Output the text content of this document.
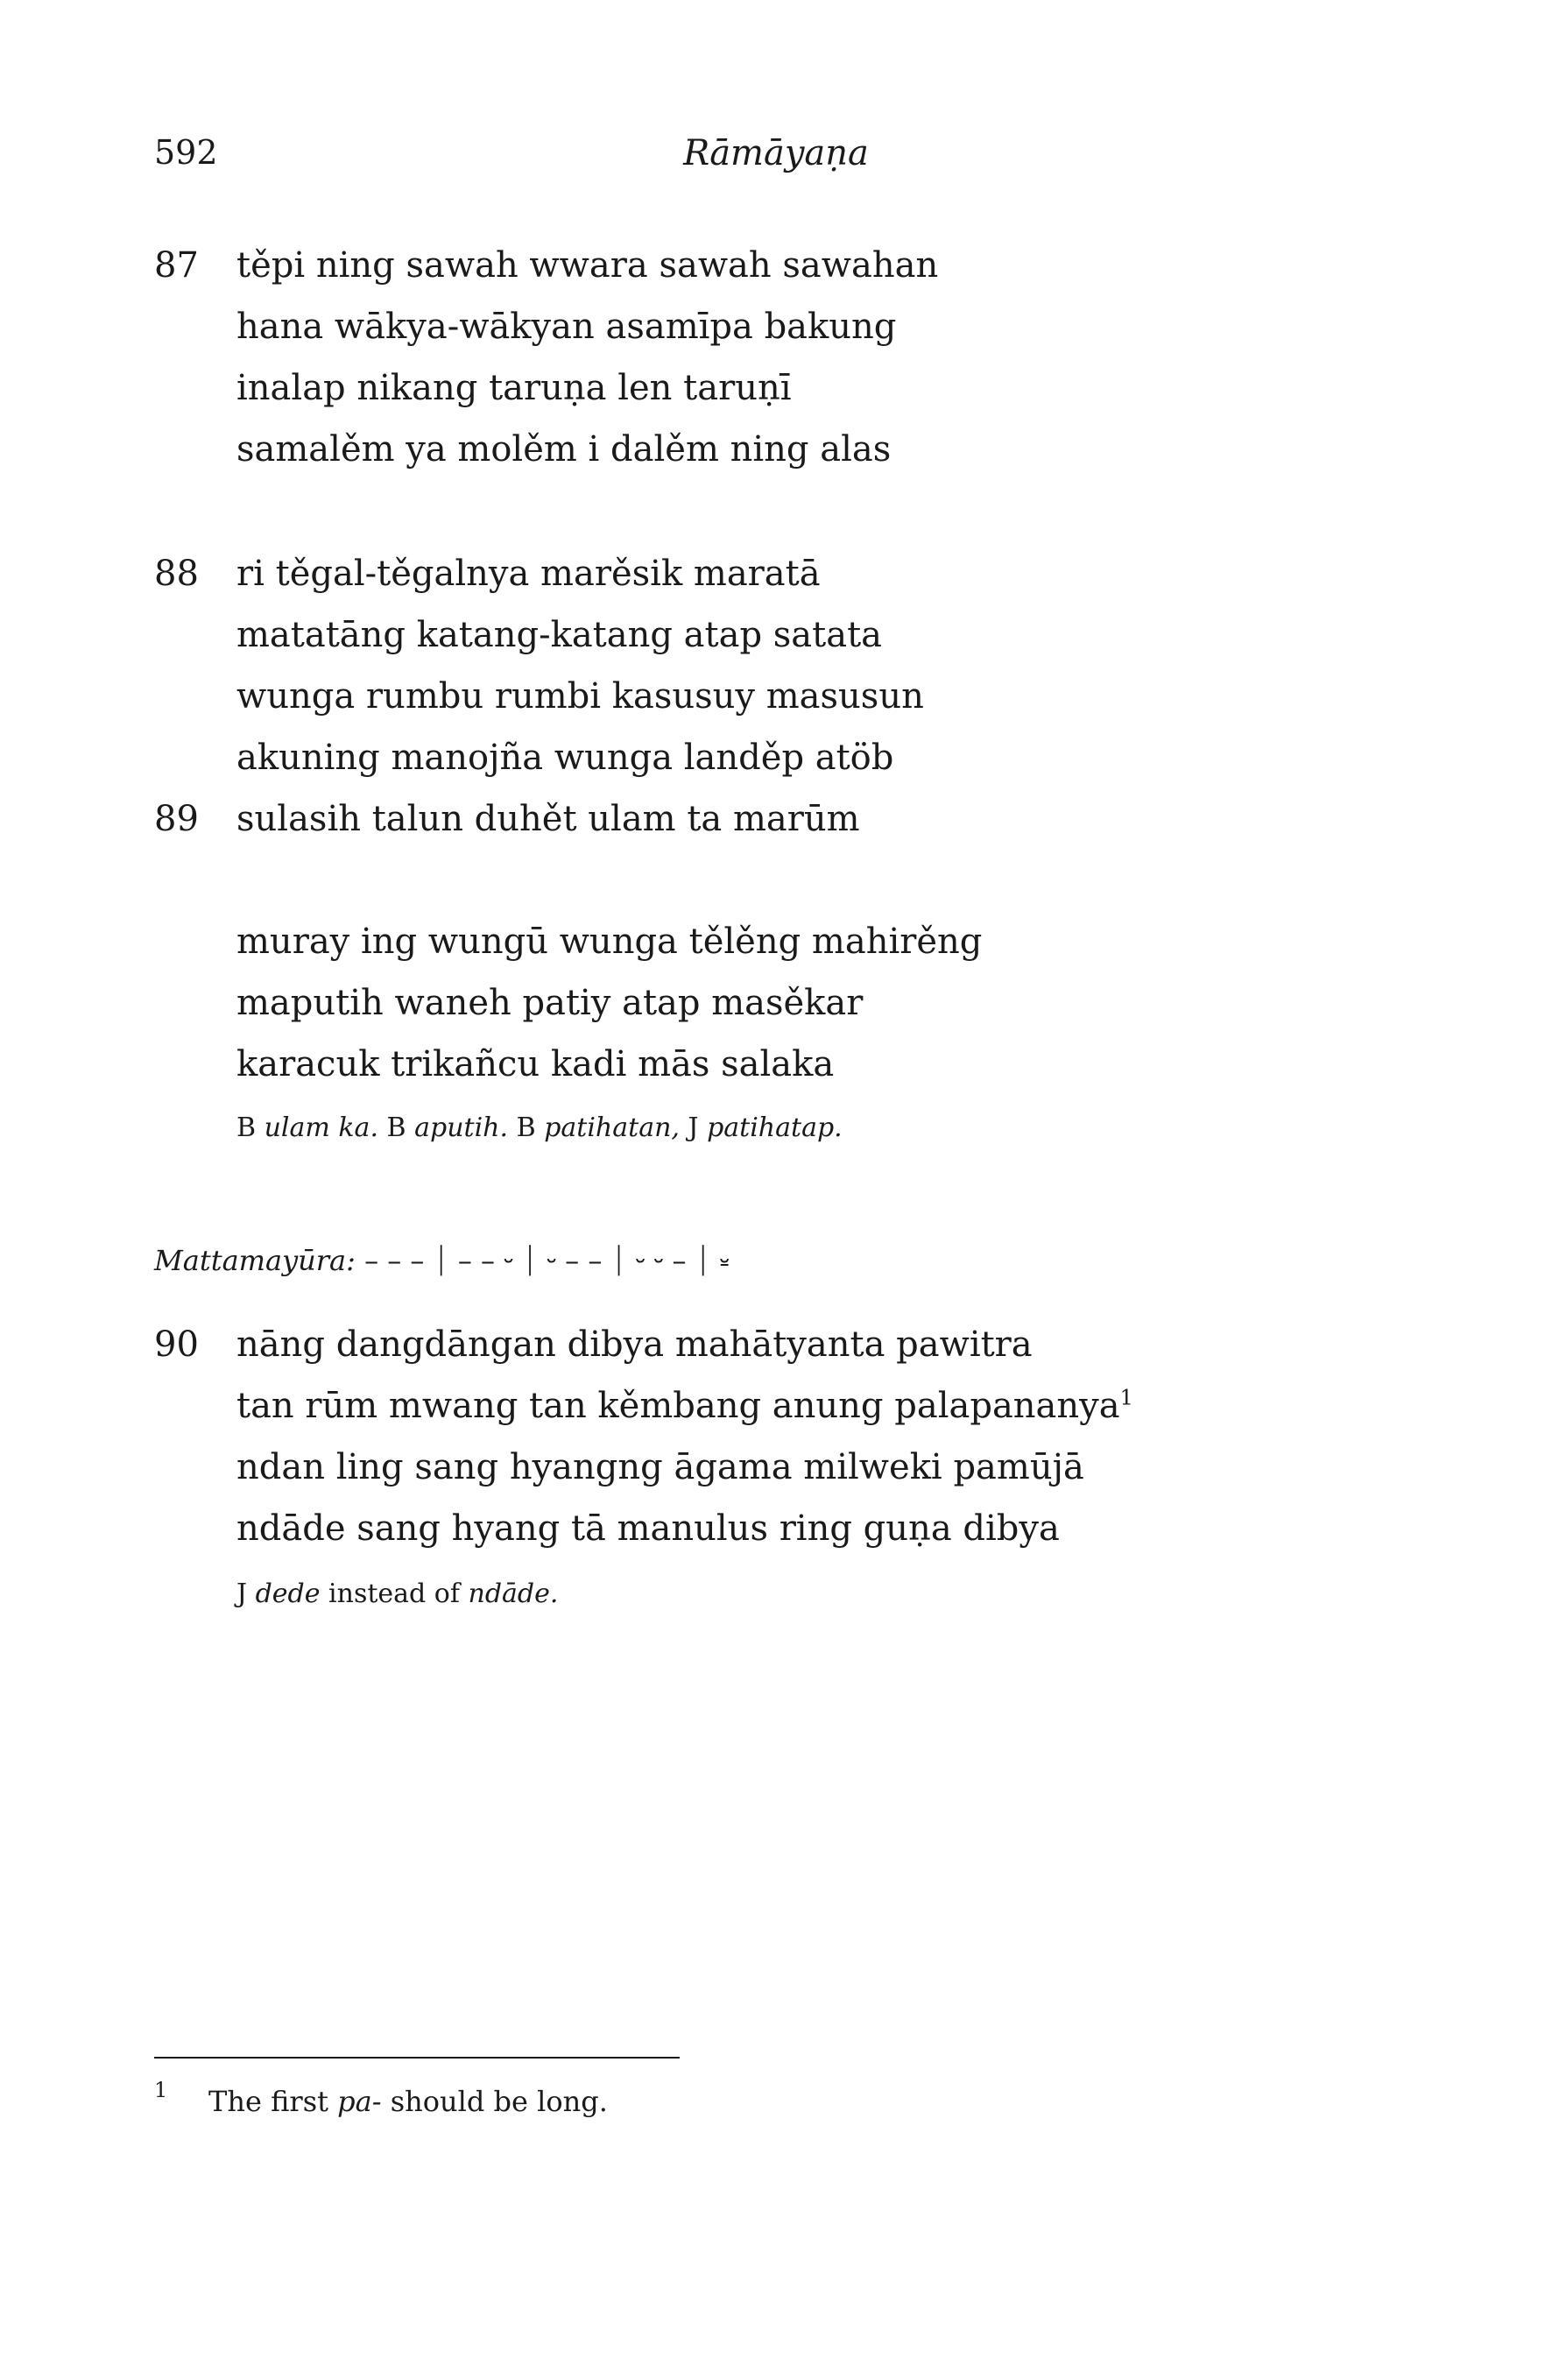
592	Rāmāyaṇa
87 těpi ning sawah wwara sawah sawahan
hana wākya-wākyan asamīpa bakung
inalap nikang taruṇa len taruṇī
samalěm ya molěm i dalěm ning alas
88 ri těgal-těgalnya marěsik maratā
matatāng katang-katang atap satata
wunga rumbu rumbi kasusuy masusun
akuning manojña wunga landěp atöb
89 sulasih talun duhět ulam ta marūm
muray ing wungū wunga tělěng mahirěng
maputih waneh patiy atap masěkar
karacuk trikañcu kadi mās salaka
B ulam ka. B aputih. B patihatan, J patihatap.
Mattamayūra: – – – ⏐ – – ⏑ ⏐ ⏑ – – ⏐ ⏑ ⏑ – ⏐ ⏓
90 nāng dangdāngan dibya mahātyanta pawitra
tan rūm mwang tan kěmbang anung palapananya$^1$
ndan ling sang hyangng āgama milweki pamūjā
ndāde sang hyang tā manulus ring guṇa dibya
J dede instead of ndāde.
1 The first pa- should be long.
